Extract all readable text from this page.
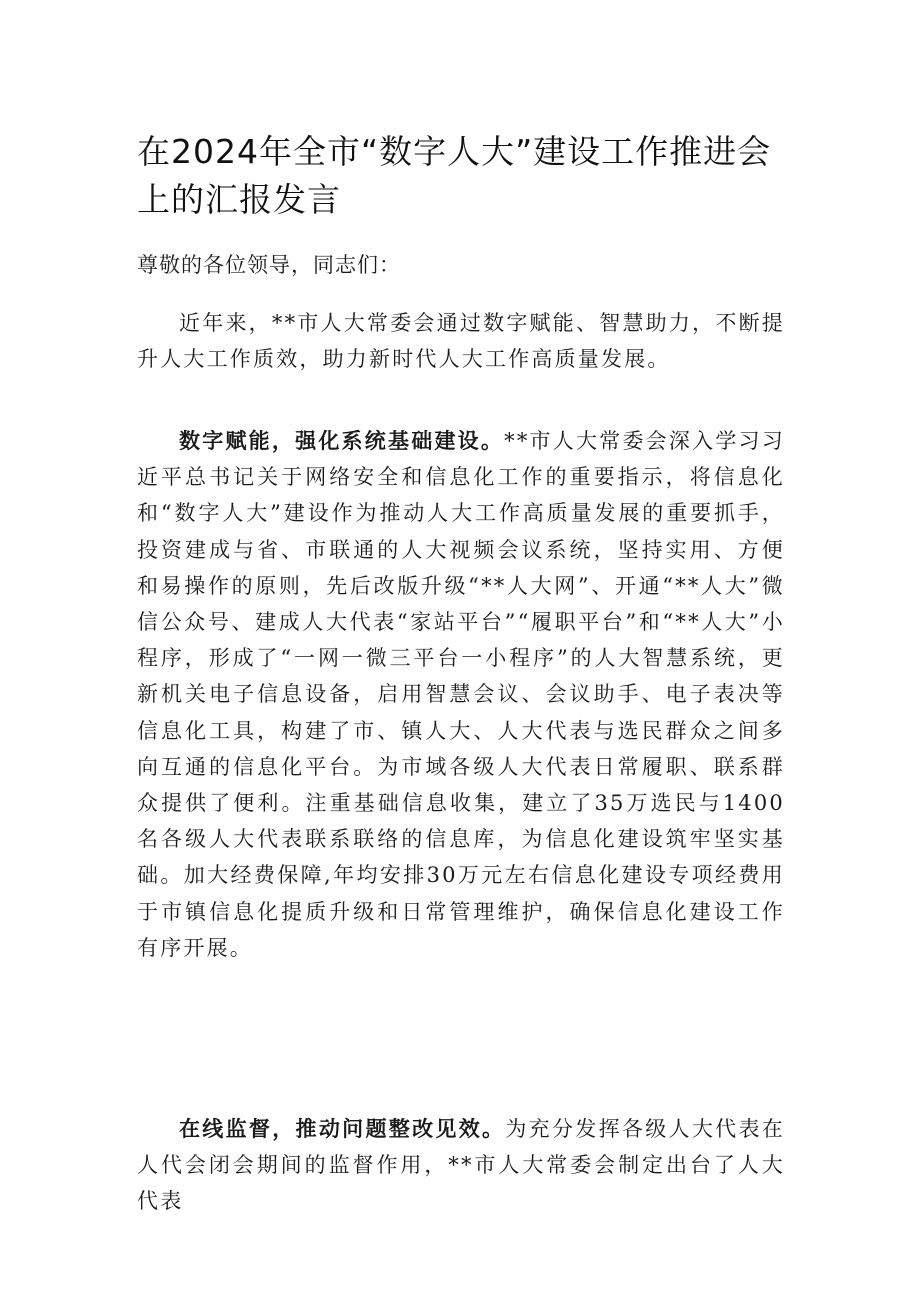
在2024年全市“数字人大”建设工作推进会上的汇报发言

尊敬的各位领导，同志们：

近年来，**市人大常委会通过数字赋能、智慧助力，不断提升人大工作质效，助力新时代人大工作高质量发展。

数字赋能，强化系统基础建设。**市人大常委会深入学习习近平总书记关于网络安全和信息化工作的重要指示，将信息化和“数字人大”建设作为推动人大工作高质量发展的重要抓手，投资建成与省、市联通的人大视频会议系统，坚持实用、方便和易操作的原则，先后改版升级“**人大网”、开通“**人大”微信公众号、建成人大代表“家站平台”“履职平台”和“**人大”小程序，形成了“一网一微三平台一小程序”的人大智慧系统，更新机关电子信息设备，启用智慧会议、会议助手、电子表决等信息化工具，构建了市、镇人大、人大代表与选民群众之间多向互通的信息化平台。为市域各级人大代表日常履职、联系群众提供了便利。注重基础信息收集，建立了35万选民与1400名各级人大代表联系联络的信息库，为信息化建设筑牢坚实基础。加大经费保障,年均安排30万元左右信息化建设专项经费用于市镇信息化提质升级和日常管理维护，确保信息化建设工作有序开展。

在线监督，推动问题整改见效。为充分发挥各级人大代表在人代会闭会期间的监督作用，**市人大常委会制定出台了人大代表
